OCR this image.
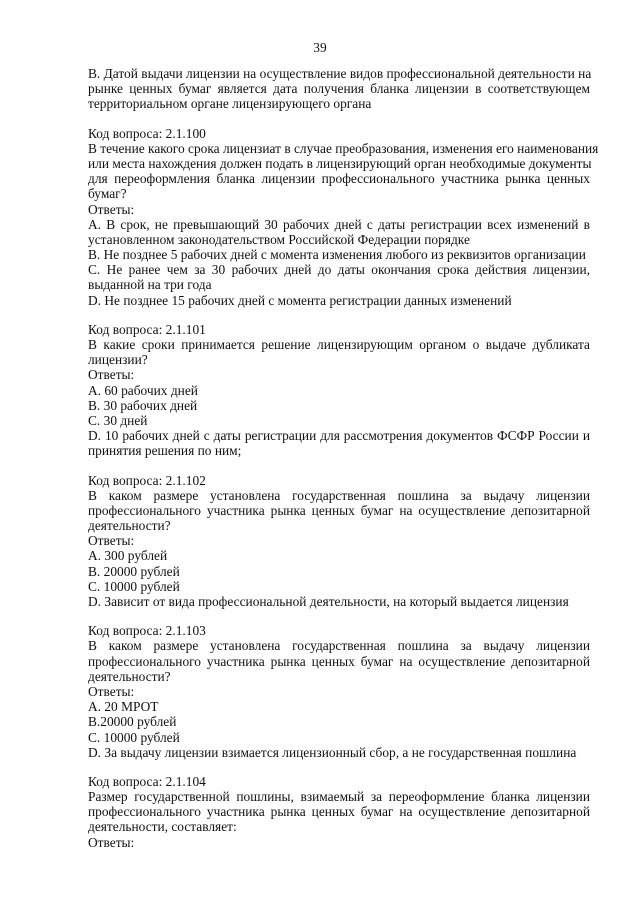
39
В. Датой выдачи лицензии на осуществление видов профессиональной деятельности на
рынке ценных бумаг является дата получения бланка лицензии в соответствующем
территориальном органе лицензирующего органа
Код вопроса: 2.1.100
В течение какого срока лицензиат в случае преобразования, изменения его наименования
или места нахождения должен подать в лицензирующий орган необходимые документы
для переоформления бланка лицензии профессионального участника рынка ценных
бумаг?
Ответы:
A. В срок, не превышающий 30 рабочих дней с даты регистрации всех изменений в
установленном законодательством Российской Федерации порядке
B. Не позднее 5 рабочих дней с момента изменения любого из реквизитов организации
C. Не ранее чем за 30 рабочих дней до даты окончания срока действия лицензии,
выданной на три года
D. Не позднее 15 рабочих дней с момента регистрации данных изменений
Код вопроса: 2.1.101
В какие сроки принимается решение лицензирующим органом о выдаче дубликата
лицензии?
Ответы:
A. 60 рабочих дней
B. 30 рабочих дней
C. 30 дней
D. 10 рабочих дней с даты регистрации для рассмотрения документов ФСФР России и
принятия решения по ним;
Код вопроса: 2.1.102
В каком размере установлена государственная пошлина за выдачу лицензии
профессионального участника рынка ценных бумаг на осуществление депозитарной
деятельности?
Ответы:
A. 300 рублей
B. 20000 рублей
C. 10000 рублей
D. Зависит от вида профессиональной деятельности, на который выдается лицензия
Код вопроса: 2.1.103
В каком размере установлена государственная пошлина за выдачу лицензии
профессионального участника рынка ценных бумаг на осуществление депозитарной
деятельности?
Ответы:
A. 20 МРОТ
B.20000 рублей
C. 10000 рублей
D. За выдачу лицензии взимается лицензионный сбор, а не государственная пошлина
Код вопроса: 2.1.104
Размер государственной пошлины, взимаемый за переоформление бланка лицензии
профессионального участника рынка ценных бумаг на осуществление депозитарной
деятельности, составляет:
Ответы:
